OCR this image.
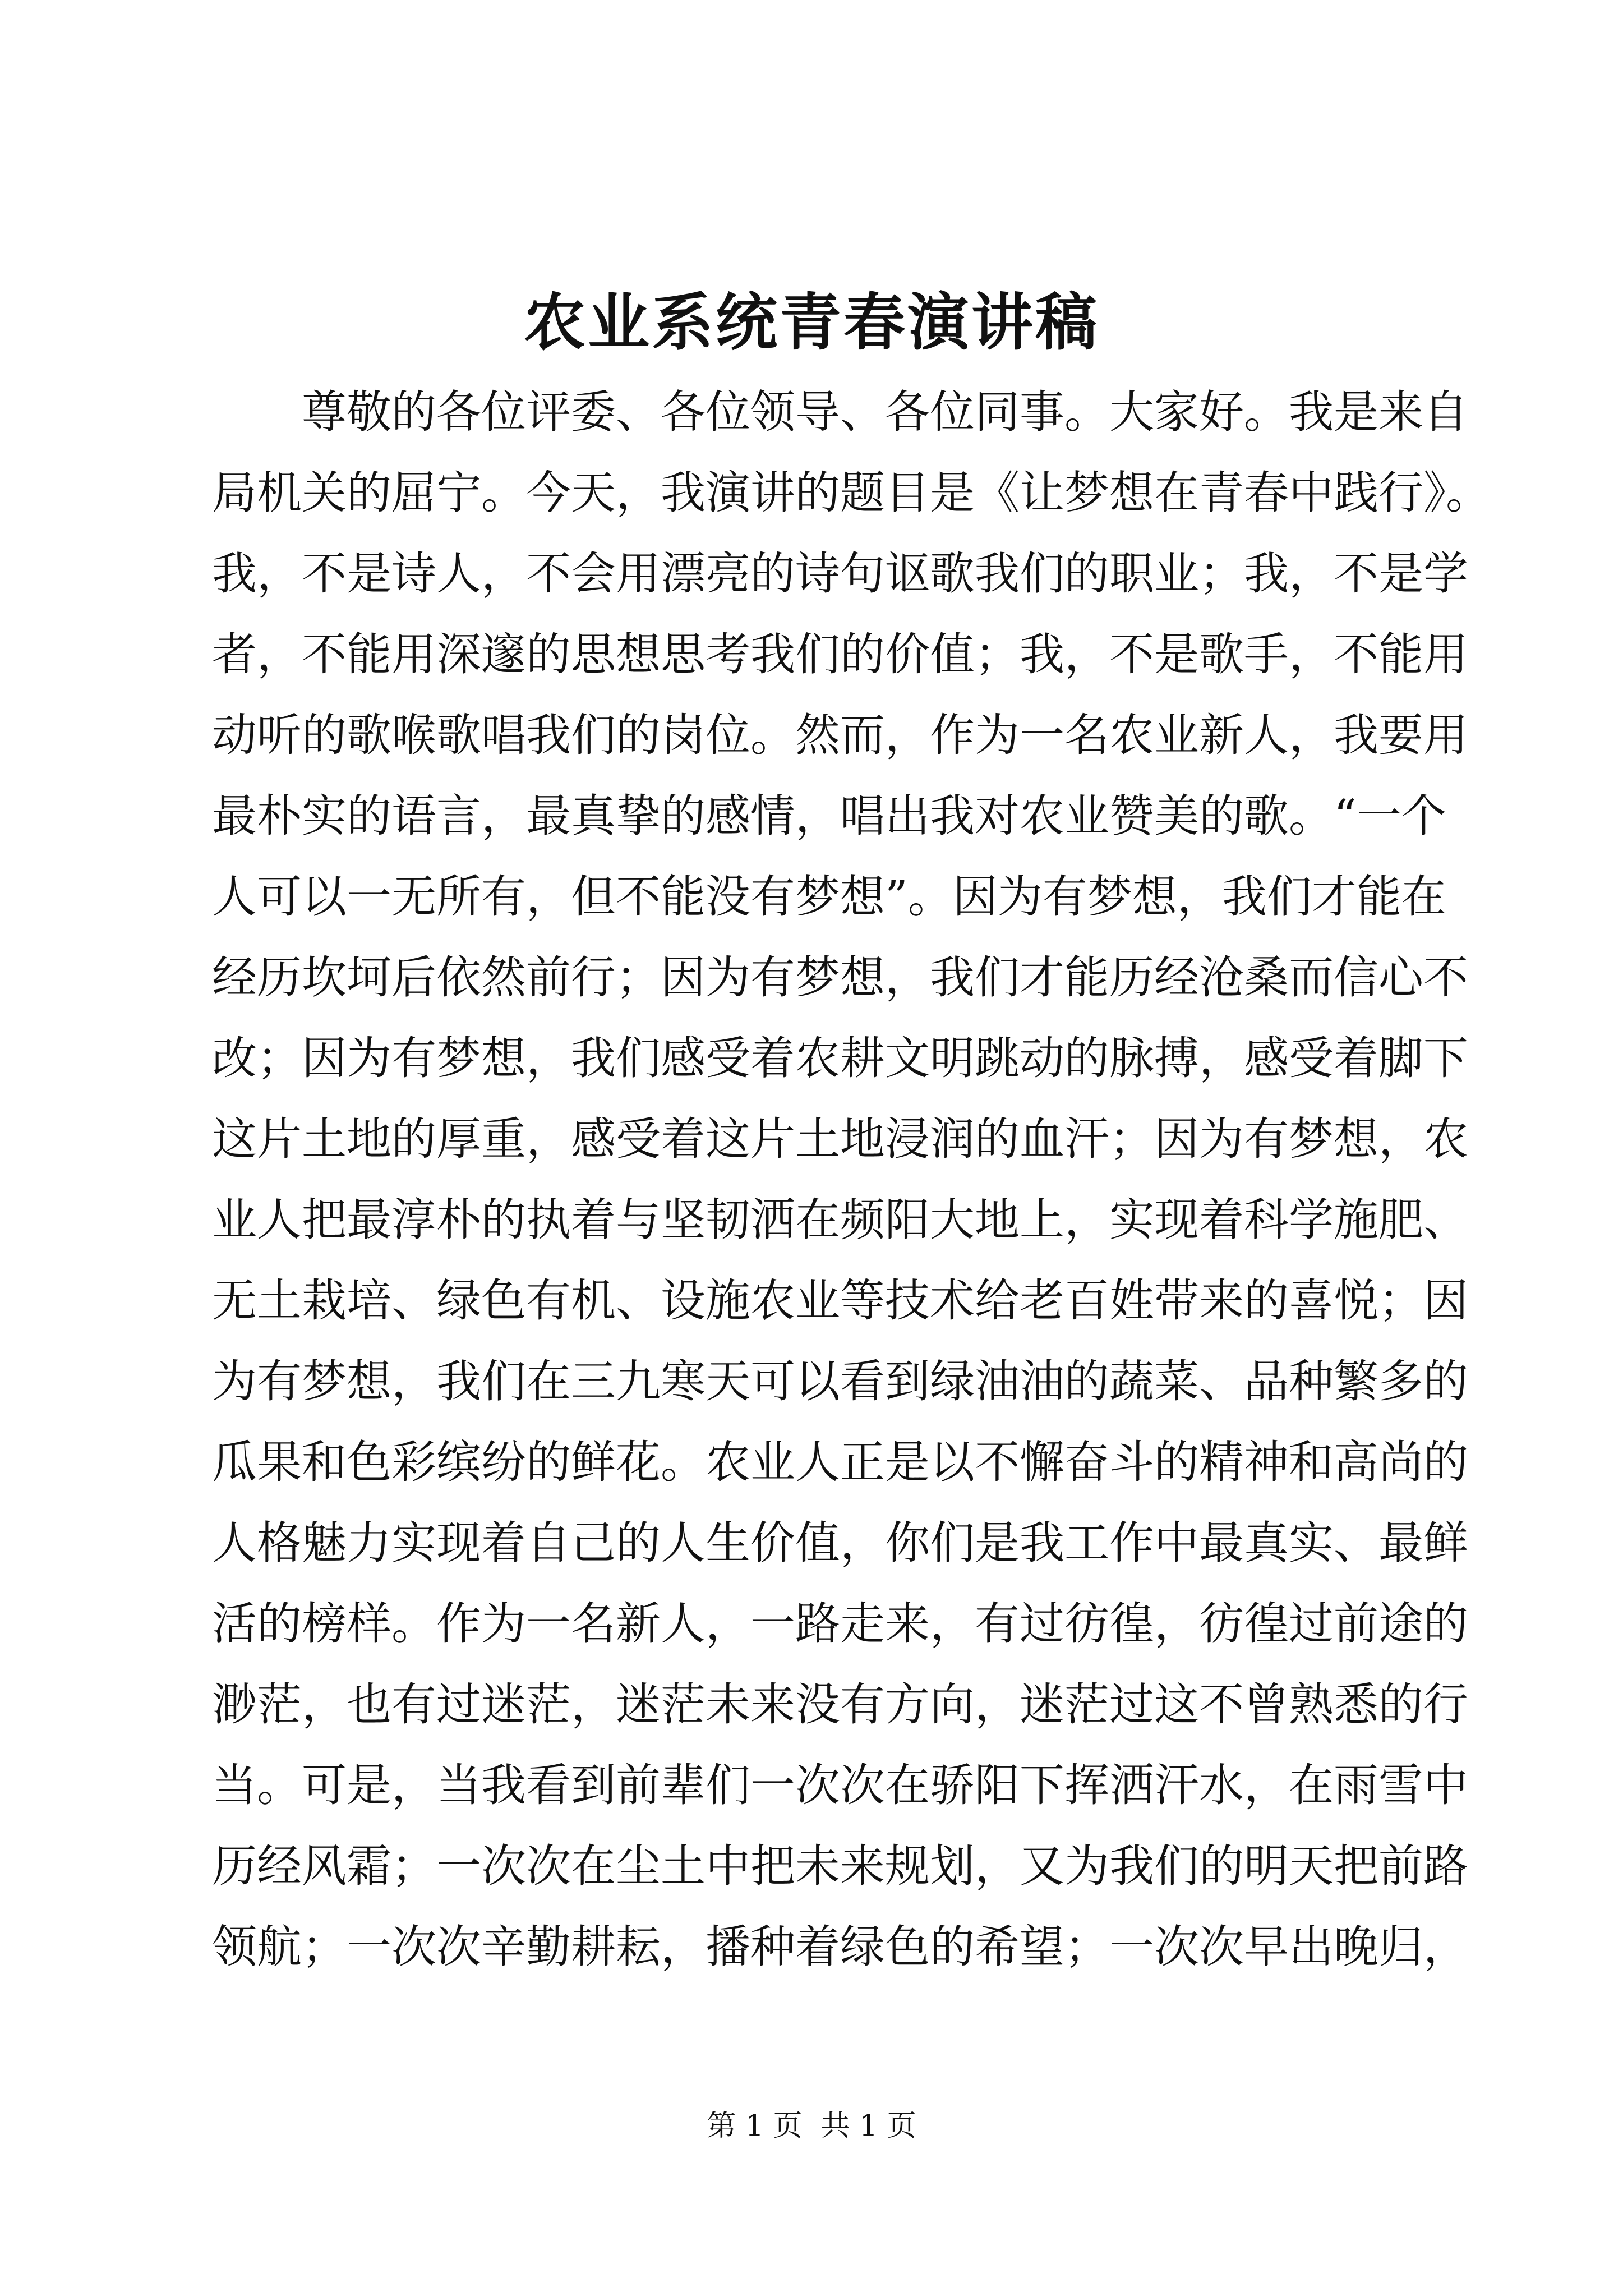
农业系统青春演讲稿

尊敬的各位评委、各位领导、各位同事。大家好。我是来自

局机关的屈宁。今天，我演讲的题目是《让梦想在青春中践行》。

我，不是诗人，不会用漂亮的诗句讴歌我们的职业；我，不是学

者，不能用深邃的思想思考我们的价值；我，不是歌手，不能用

动听的歌喉歌唱我们的岗位。然而，作为一名农业新人，我要用

最朴实的语言，最真挚的感情，唱出我对农业赞美的歌。“一个

人可以一无所有，但不能没有梦想”。因为有梦想，我们才能在

经历坎坷后依然前行；因为有梦想，我们才能历经沧桑而信心不

改；因为有梦想，我们感受着农耕文明跳动的脉搏，感受着脚下

这片土地的厚重，感受着这片土地浸润的血汗；因为有梦想，农

业人把最淳朴的执着与坚韧洒在频阳大地上，实现着科学施肥、

无土栽培、绿色有机、设施农业等技术给老百姓带来的喜悦；因

为有梦想，我们在三九寒天可以看到绿油油的蔬菜、品种繁多的

瓜果和色彩缤纷的鲜花。农业人正是以不懈奋斗的精神和高尚的

人格魅力实现着自己的人生价值，你们是我工作中最真实、最鲜

活的榜样。作为一名新人，一路走来，有过彷徨，彷徨过前途的

渺茫，也有过迷茫，迷茫未来没有方向，迷茫过这不曾熟悉的行

当。可是，当我看到前辈们一次次在骄阳下挥洒汗水，在雨雪中

历经风霜；一次次在尘土中把未来规划，又为我们的明天把前路

领航；一次次辛勤耕耘，播种着绿色的希望；一次次早出晚归，

第 1 页  共 1 页
